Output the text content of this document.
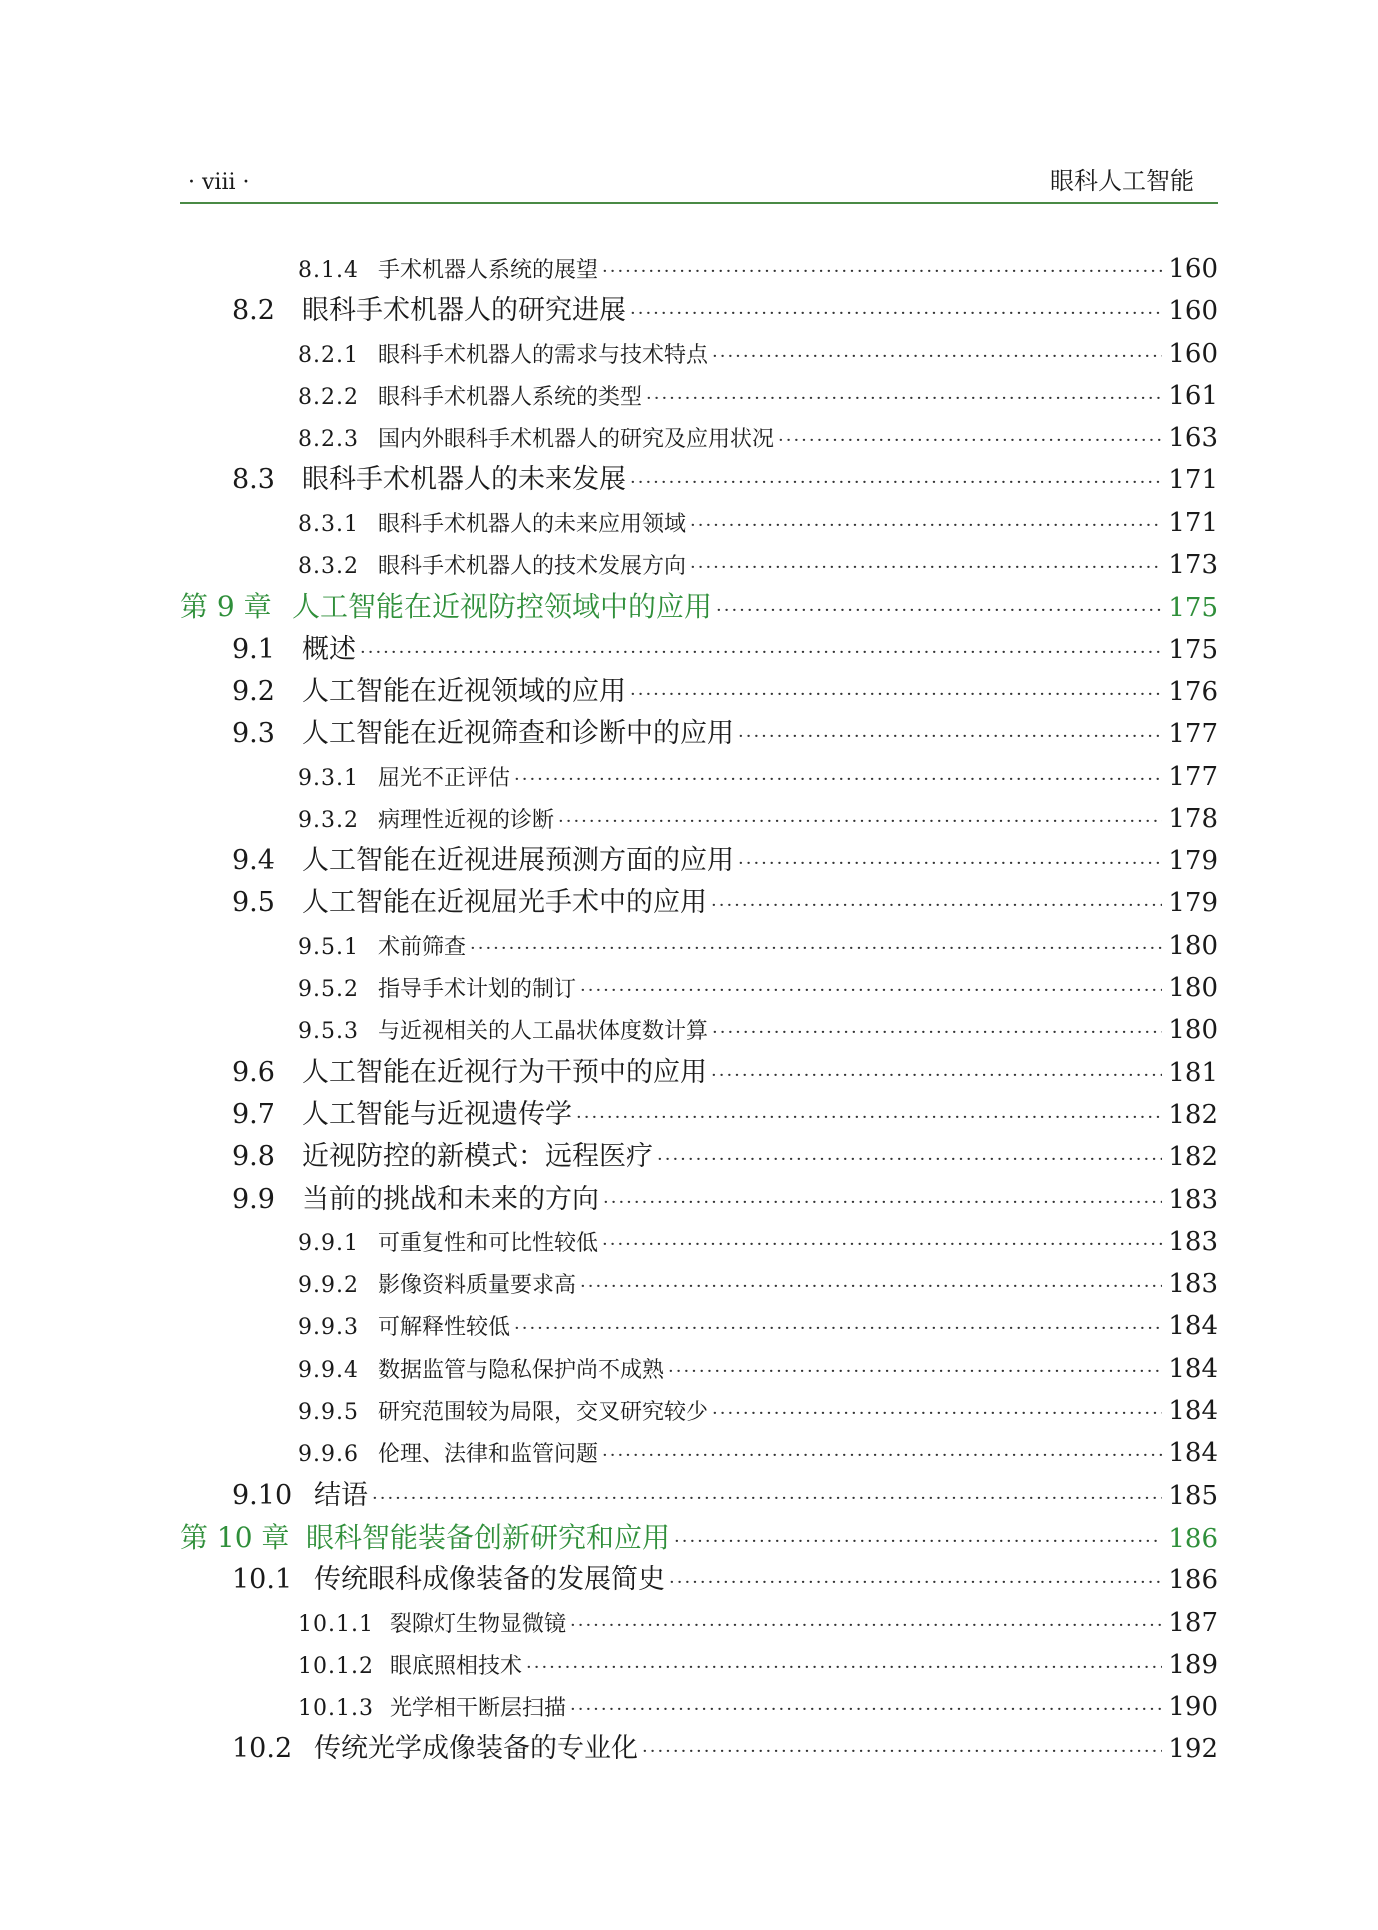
· viii ·	眼科人工智能
8.1.4 手术机器人系统的展望 ·····	160
8.2	眼科手术机器人的研究进展 ·····	160
8.2.1 眼科手术机器人的需求与技术特点 ·····	160
8.2.2 眼科手术机器人系统的类型 ·····	161
8.2.3 国内外眼科手术机器人的研究及应用状况 ·····	163
8.3	眼科手术机器人的未来发展 ·····	171
8.3.1 眼科手术机器人的未来应用领域 ·····	171
8.3.2 眼科手术机器人的技术发展方向 ·····	173
第 9 章 人工智能在近视防控领域中的应用 ·····	175
9.1	概述 ·····	175
9.2	人工智能在近视领域的应用 ·····	176
9.3	人工智能在近视筛查和诊断中的应用 ·····	177
9.3.1 屈光不正评估 ·····	177
9.3.2 病理性近视的诊断 ·····	178
9.4	人工智能在近视进展预测方面的应用 ·····	179
9.5	人工智能在近视屈光手术中的应用 ·····	179
9.5.1 术前筛查 ·····	180
9.5.2 指导手术计划的制订 ·····	180
9.5.3 与近视相关的人工晶状体度数计算 ·····	180
9.6	人工智能在近视行为干预中的应用 ·····	181
9.7	人工智能与近视遗传学 ·····	182
9.8	近视防控的新模式：远程医疗 ·····	182
9.9	当前的挑战和未来的方向 ·····	183
9.9.1 可重复性和可比性较低 ·····	183
9.9.2 影像资料质量要求高 ·····	183
9.9.3 可解释性较低 ·····	184
9.9.4 数据监管与隐私保护尚不成熟 ·····	184
9.9.5 研究范围较为局限，交叉研究较少 ·····	184
9.9.6 伦理、法律和监管问题 ·····	184
9.10 结语 ·····	185
第 10 章 眼科智能装备创新研究和应用 ·····	186
10.1 传统眼科成像装备的发展简史 ·····	186
10.1.1 裂隙灯生物显微镜 ·····	187
10.1.2 眼底照相技术 ·····	189
10.1.3 光学相干断层扫描 ·····	190
10.2 传统光学成像装备的专业化 ·····	192
